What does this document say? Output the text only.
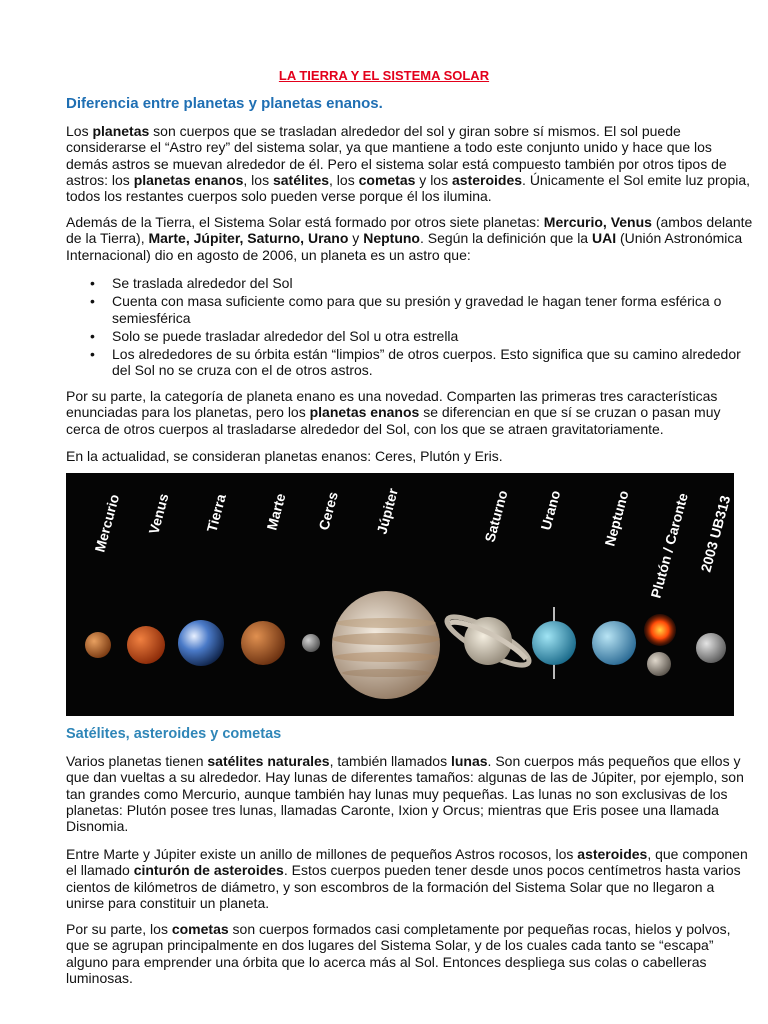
LA TIERRA Y EL SISTEMA SOLAR
Diferencia entre planetas y planetas enanos.

Los planetas son cuerpos que se trasladan alrededor del sol y giran sobre sí mismos. El sol puede considerarse el “Astro rey” del sistema solar, ya que mantiene a todo este conjunto unido y hace que los demás astros se muevan alrededor de él. Pero el sistema solar está compuesto también por otros tipos de astros: los planetas enanos, los satélites, los cometas y los asteroides. Únicamente el Sol emite luz propia, todos los restantes cuerpos solo pueden verse porque él los ilumina.

Además de la Tierra, el Sistema Solar está formado por otros siete planetas: Mercurio, Venus (ambos delante de la Tierra), Marte, Júpiter, Saturno, Urano y Neptuno. Según la definición que la UAI (Unión Astronómica Internacional) dio en agosto de 2006, un planeta es un astro que:

• Se traslada alrededor del Sol
• Cuenta con masa suficiente como para que su presión y gravedad le hagan tener forma esférica o semiesférica
• Solo se puede trasladar alrededor del Sol u otra estrella
• Los alrededores de su órbita están “limpios” de otros cuerpos. Esto significa que su camino alrededor del Sol no se cruza con el de otros astros.

Por su parte, la categoría de planeta enano es una novedad. Comparten las primeras tres características enunciadas para los planetas, pero los planetas enanos se diferencian en que sí se cruzan o pasan muy cerca de otros cuerpos al trasladarse alrededor del Sol, con los que se atraen gravitatoriamente.

En la actualidad, se consideran planetas enanos: Ceres, Plutón y Eris.

Mercurio Venus Tierra Marte Ceres Júpiter	Saturno Urano	Neptuno Plutón / Caronte 2003 UB313
Satélites, asteroides y cometas

Varios planetas tienen satélites naturales, también llamados lunas. Son cuerpos más pequeños que ellos y que dan vueltas a su alrededor. Hay lunas de diferentes tamaños: algunas de las de Júpiter, por ejemplo, son tan grandes como Mercurio, aunque también hay lunas muy pequeñas. Las lunas no son exclusivas de los planetas: Plutón posee tres lunas, llamadas Caronte, Ixion y Orcus; mientras que Eris posee una llamada Disnomia.

Entre Marte y Júpiter existe un anillo de millones de pequeños Astros rocosos, los asteroides, que componen el llamado cinturón de asteroides. Estos cuerpos pueden tener desde unos pocos centímetros hasta varios cientos de kilómetros de diámetro, y son escombros de la formación del Sistema Solar que no llegaron a unirse para constituir un planeta.

Por su parte, los cometas son cuerpos formados casi completamente por pequeñas rocas, hielos y polvos, que se agrupan principalmente en dos lugares del Sistema Solar, y de los cuales cada tanto se “escapa” alguno para emprender una órbita que lo acerca más al Sol. Entonces despliega sus colas o cabelleras luminosas.
